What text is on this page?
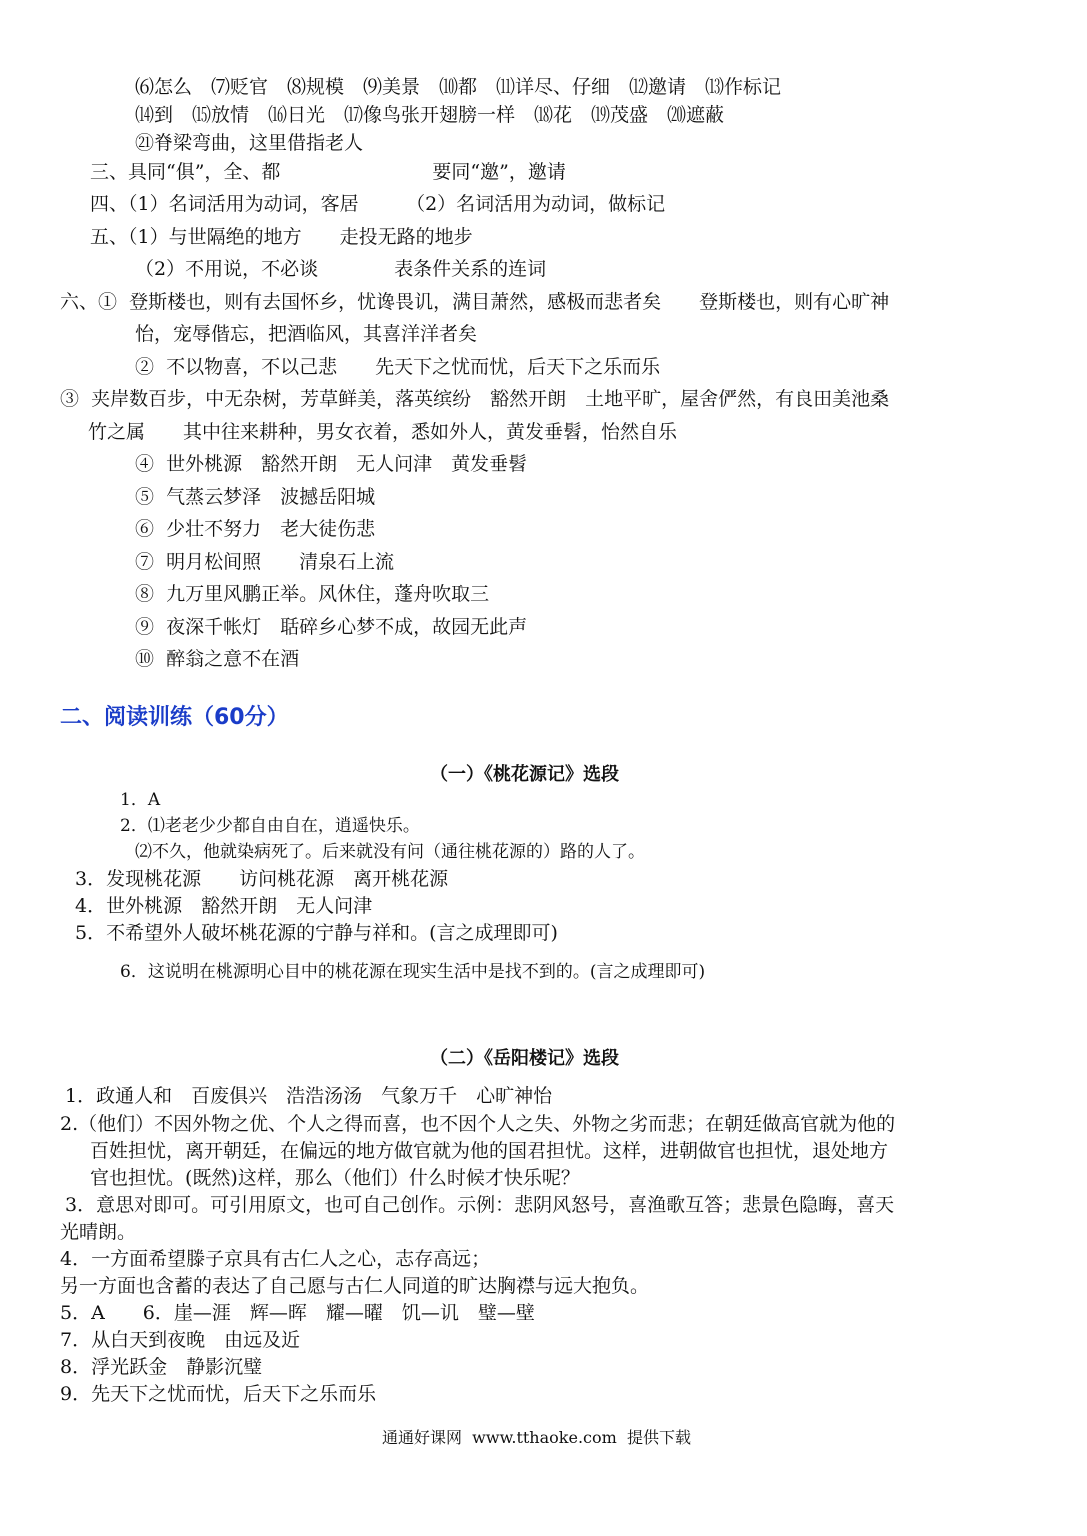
⑹怎么　⑺贬官　⑻规模　⑼美景　⑽都　⑾详尽、仔细　⑿邀请　⒀作标记
⒁到　⒂放情　⒃日光　⒄像鸟张开翅膀一样　⒅花　⒆茂盛　⒇遮蔽
㉑脊梁弯曲，这里借指老人
三、具同“俱”，全、都　　　　　　　　要同“邀”，邀请
四、（1）名词活用为动词，客居　　　（2）名词活用为动词，做标记
五、（1）与世隔绝的地方　　走投无路的地步
（2）不用说，不必谈　　　　表条件关系的连词
六、①  登斯楼也，则有去国怀乡，忧谗畏讥，满目萧然，感极而悲者矣　　登斯楼也，则有心旷神
怡，宠辱偕忘，把酒临风，其喜洋洋者矣
②  不以物喜，不以己悲　　先天下之忧而忧，后天下之乐而乐
③  夹岸数百步，中无杂树，芳草鲜美，落英缤纷　豁然开朗　土地平旷，屋舍俨然，有良田美池桑
竹之属　　其中往来耕种，男女衣着，悉如外人，黄发垂髫，怡然自乐
④  世外桃源　豁然开朗　无人问津　黄发垂髫
⑤  气蒸云梦泽　波撼岳阳城
⑥  少壮不努力　老大徒伤悲
⑦  明月松间照　　清泉石上流
⑧  九万里风鹏正举。风休住，蓬舟吹取三
⑨  夜深千帐灯　聒碎乡心梦不成，故园无此声
⑩  醉翁之意不在酒
二、阅读训练（60分）
（一）《桃花源记》选段
1．A
2．⑴老老少少都自由自在，逍遥快乐。
⑵不久，他就染病死了。后来就没有问（通往桃花源的）路的人了。
3．发现桃花源　　访问桃花源　离开桃花源
4．世外桃源　豁然开朗　无人问津
5．不希望外人破坏桃花源的宁静与祥和。(言之成理即可)
6．这说明在桃源明心目中的桃花源在现实生活中是找不到的。(言之成理即可)
（二）《岳阳楼记》选段
1．政通人和　百废俱兴　浩浩汤汤　气象万千　心旷神怡
2.（他们）不因外物之优、个人之得而喜，也不因个人之失、外物之劣而悲；在朝廷做高官就为他的
百姓担忧，离开朝廷，在偏远的地方做官就为他的国君担忧。这样，进朝做官也担忧，退处地方
官也担忧。(既然)这样，那么（他们）什么时候才快乐呢？
3．意思对即可。可引用原文，也可自己创作。示例：悲阴风怒号，喜渔歌互答；悲景色隐晦，喜天
光晴朗。
4．一方面希望滕子京具有古仁人之心，志存高远；
另一方面也含蓄的表达了自己愿与古仁人同道的旷达胸襟与远大抱负。
5．A　　6．崖—涯　辉—晖　耀—曜　饥—讥　璧—壁
7．从白天到夜晚　由远及近
8．浮光跃金　静影沉璧
9．先天下之忧而忧，后天下之乐而乐
通通好课网  www.tthaoke.com  提供下载
